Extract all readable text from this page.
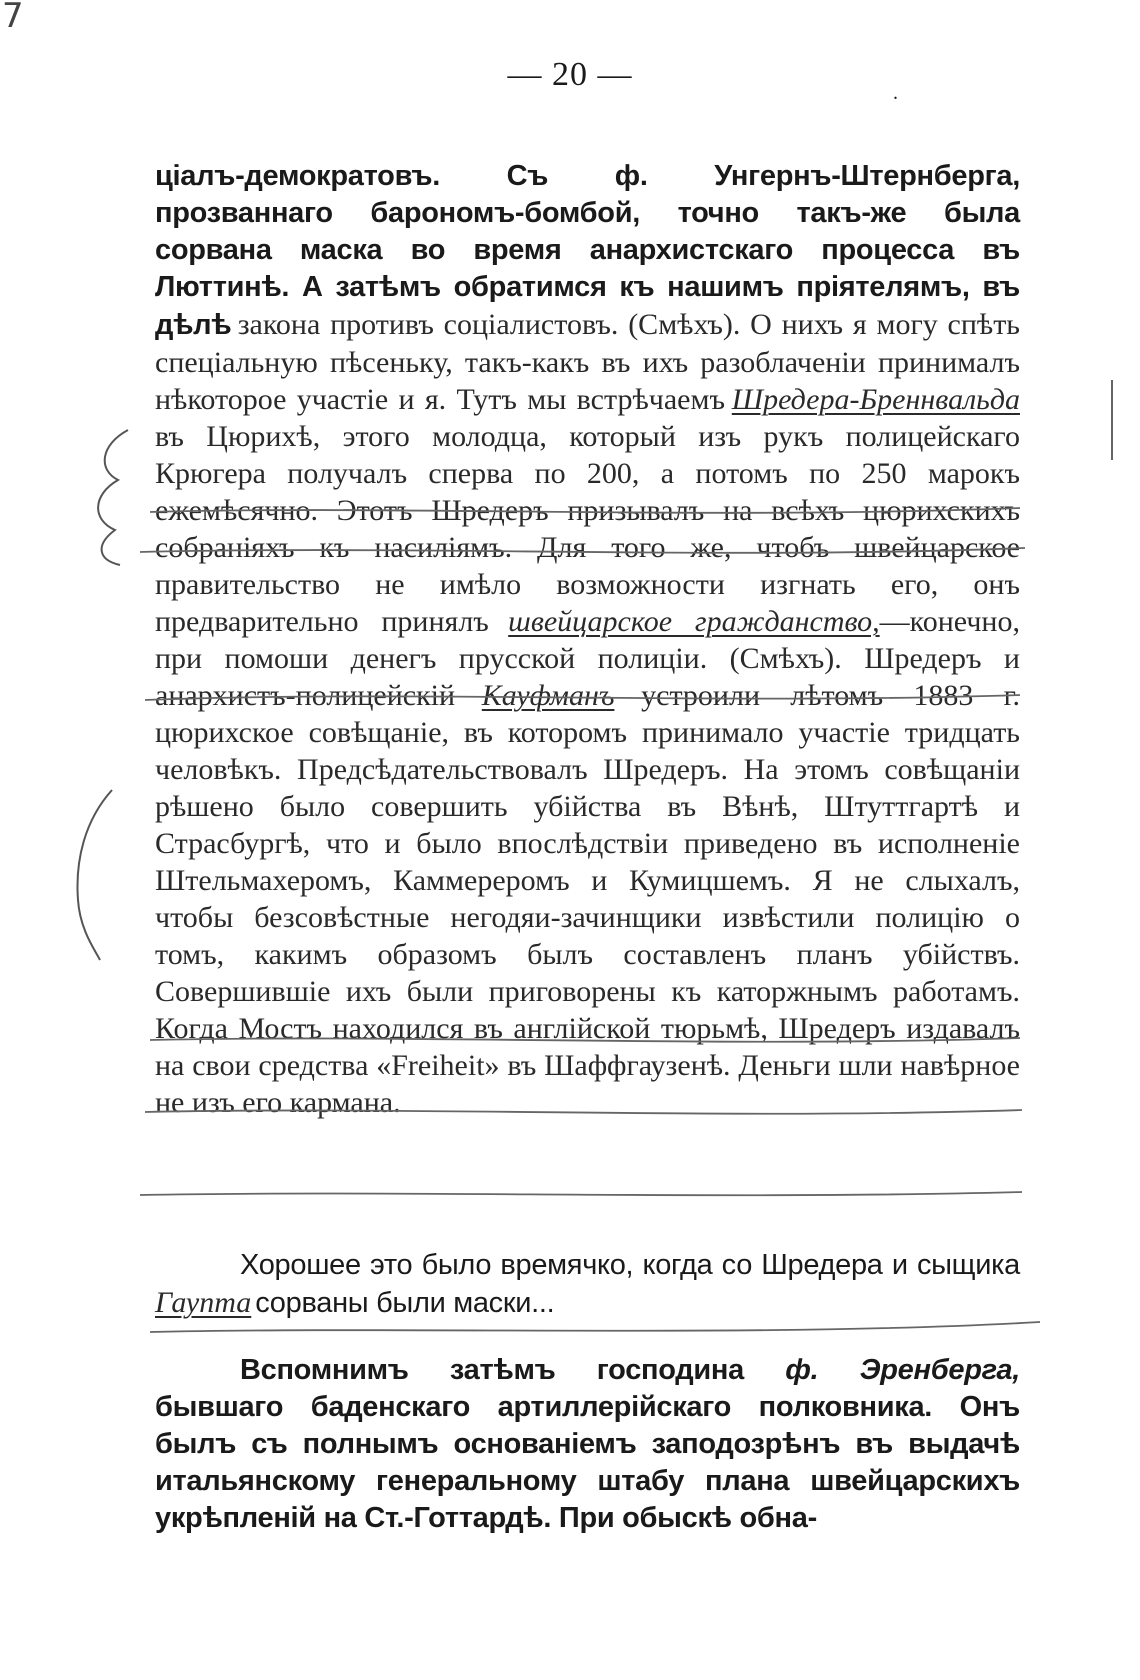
7
— 20 —	.

ціалъ-демократовъ. Съ ф. Унгернъ-Штернберга, прозваннаго барономъ-бомбой, точно такъ-же была сорвана маска во время анархистскаго процесса въ Люттинѣ. А затѣмъ обратимся къ нашимъ пріятелямъ, въ дѣлѣ закона противъ соціалистовъ. (Смѣхъ). О нихъ я могу спѣть спеціальную пѣсеньку, такъ-какъ въ ихъ разоблаченіи принималъ нѣкоторое участіе и я. Тутъ мы встрѣчаемъ Шредера-Бреннвальда въ Цюрихѣ, этого молодца, который изъ рукъ полицейскаго Крюгера получалъ сперва по 200, а потомъ по 250 марокъ ежемѣсячно. Этотъ Шредеръ призывалъ на всѣхъ цюрихскихъ собраніяхъ къ насиліямъ. Для того же, чтобъ швейцарское правительство не имѣло возможности изгнать его, онъ предварительно принялъ швейцарское гражданство,—конечно, при помоши денегъ прусской полиціи. (Смѣхъ). Шредеръ и анархистъ-полицейскій Кауфманъ устроили лѣтомъ 1883 г. цюрихское совѣщаніе, въ которомъ принимало участіе тридцать человѣкъ. Предсѣдательствовалъ Шредеръ. На этомъ совѣщаніи рѣшено было совершить убійства въ Вѣнѣ, Штуттгартѣ и Страсбургѣ, что и было впослѣдствіи приведено въ исполненіе Штельмахеромъ, Каммереромъ и Кумицшемъ. Я не слыхалъ, чтобы безсовѣстные негодяи-зачинщики извѣстили полицію о томъ, какимъ образомъ былъ составленъ планъ убійствъ. Совершившіе ихъ были приговорены къ каторжнымъ работамъ. Когда Мостъ находился въ англійской тюрьмѣ, Шредеръ издавалъ на свои средства «Freiheit» въ Шаффгаузенѣ. Деньги шли навѣрное не изъ его кармана.

Хорошее это было времячко, когда со Шредера и сыщика Гаупта сорваны были маски...

Вспомнимъ затѣмъ господина ф. Эренберга, бывшаго баденскаго артиллерійскаго полковника. Онъ былъ съ полнымъ основаніемъ заподозрѣнъ въ выдачѣ итальянскому генеральному штабу плана швейцарскихъ укрѣпленій на Ст.-Готтардѣ. При обыскѣ обна-
